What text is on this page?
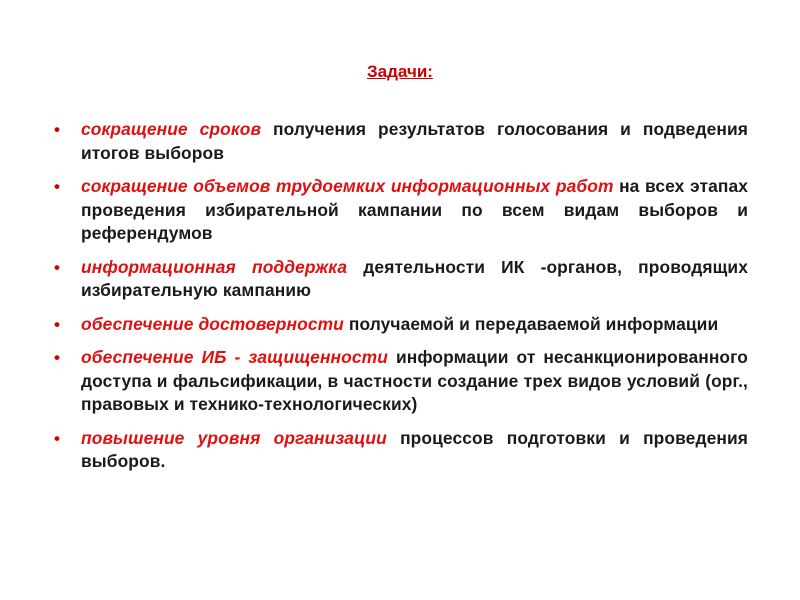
Задачи:
• сокращение сроков получения результатов голосования и подведения итогов выборов
• сокращение объемов трудоемких информационных работ на всех этапах проведения избирательной кампании по всем видам выборов и референдумов
• информационная поддержка деятельности ИК -органов, проводящих избирательную кампанию
• обеспечение достоверности получаемой и передаваемой информации
• обеспечение ИБ - защищенности информации от несанкционированного доступа и фальсификации, в частности создание трех видов условий (орг., правовых и технико-технологических)
• повышение уровня организации процессов подготовки и проведения выборов.
